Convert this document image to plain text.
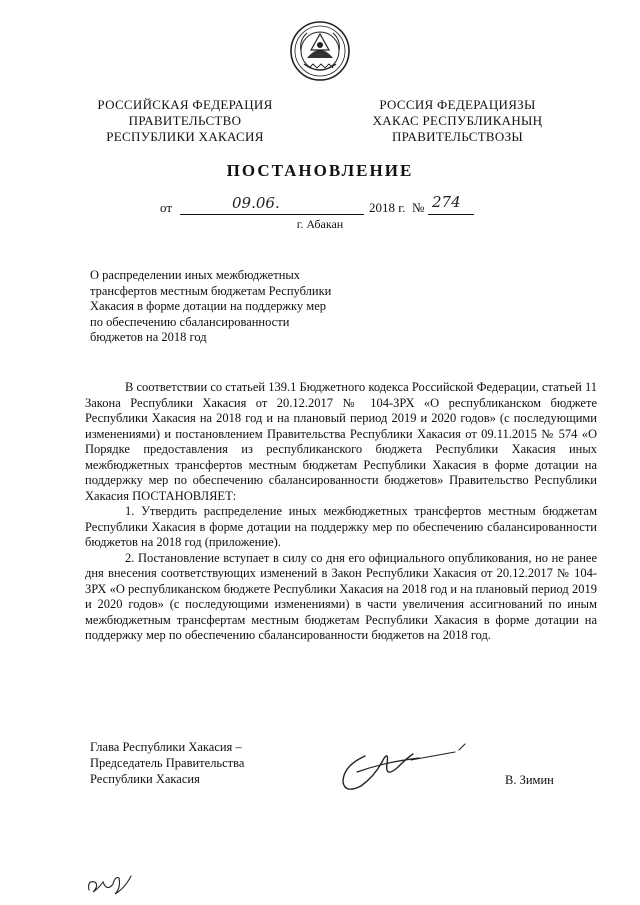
РОССИЙСКАЯ ФЕДЕРАЦИЯ
ПРАВИТЕЛЬСТВО
РЕСПУБЛИКИ ХАКАСИЯ
РОССИЯ ФЕДЕРАЦИЯЗЫ
ХАКАС РЕСПУБЛИКАНЫҢ
ПРАВИТЕЛЬСТВОЗЫ
ПОСТАНОВЛЕНИЕ
от	09.06.	2018 г. № 274
г. Абакан
О распределении иных межбюджетных
трансфертов местным бюджетам Республики
Хакасия в форме дотации на поддержку мер
по обеспечению сбалансированности
бюджетов на 2018 год

В соответствии со статьей 139.1 Бюджетного кодекса Российской Федерации, статьей 11 Закона Республики Хакасия от 20.12.2017 № 104-ЗРХ «О республиканском бюджете Республики Хакасия на 2018 год и на плановый период 2019 и 2020 годов» (с последующими изменениями) и постановлением Правительства Республики Хакасия от 09.11.2015 № 574 «О Порядке предоставления из республиканского бюджета Республики Хакасия иных межбюджетных трансфертов местным бюджетам Республики Хакасия в форме дотации на поддержку мер по обеспечению сбалансированности бюджетов» Правительство Республики Хакасия ПОСТАНОВЛЯЕТ:

1. Утвердить распределение иных межбюджетных трансфертов местным бюджетам Республики Хакасия в форме дотации на поддержку мер по обеспечению сбалансированности бюджетов на 2018 год (приложение).

2. Постановление вступает в силу со дня его официального опубликования, но не ранее дня внесения соответствующих изменений в Закон Республики Хакасия от 20.12.2017 № 104-ЗРХ «О республиканском бюджете Республики Хакасия на 2018 год и на плановый период 2019 и 2020 годов» (с последующими изменениями) в части увеличения ассигнований по иным межбюджетным трансфертам местным бюджетам Республики Хакасия в форме дотации на поддержку мер по обеспечению сбалансированности бюджетов на 2018 год.

Глава Республики Хакасия –
Председатель Правительства
Республики Хакасия	В. Зимин
